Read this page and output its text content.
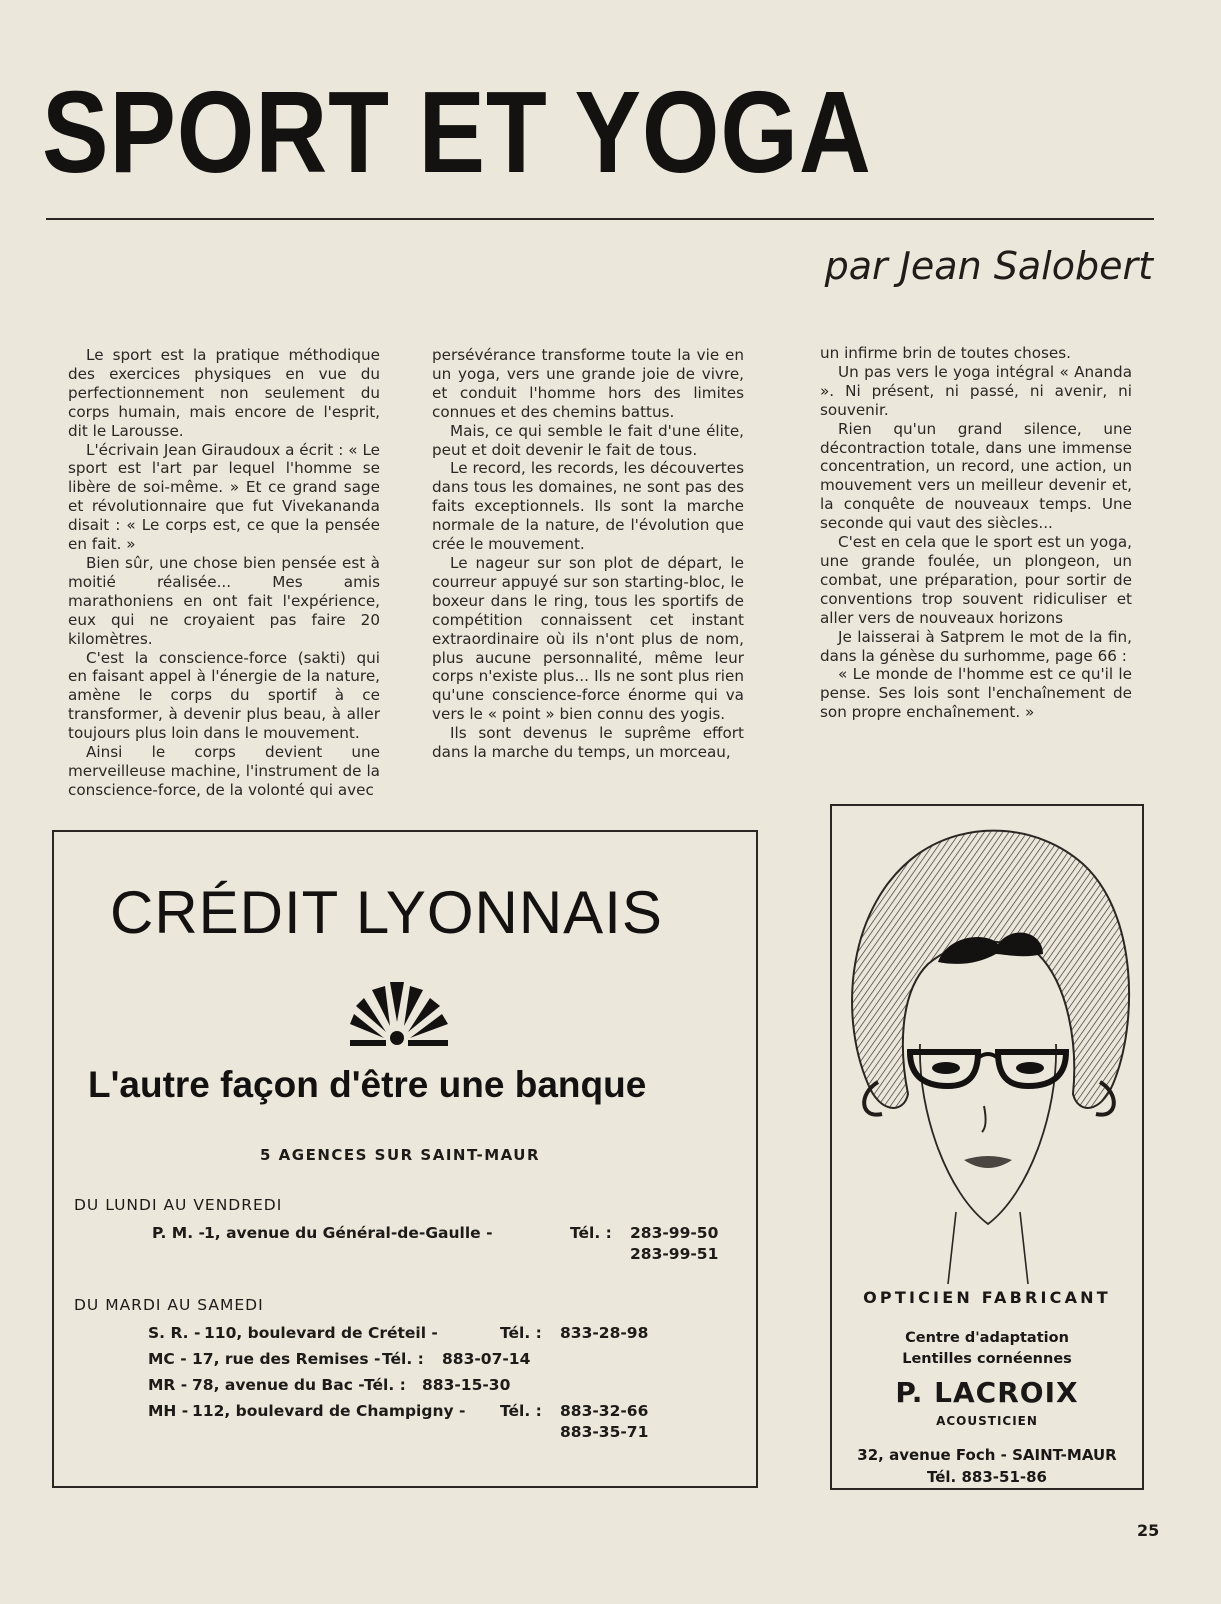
SPORT ET YOGA
par Jean Salobert

Le sport est la pratique méthodique des exercices physiques en vue du perfectionnement non seulement du corps humain, mais encore de l'esprit, dit le Larousse.

L'écrivain Jean Giraudoux a écrit : « Le sport est l'art par lequel l'homme se libère de soi-même. » Et ce grand sage et révolutionnaire que fut Vivekananda disait : « Le corps est, ce que la pensée en fait. »

Bien sûr, une chose bien pensée est à moitié réalisée... Mes amis marathoniens en ont fait l'expérience, eux qui ne croyaient pas faire 20 kilomètres.

C'est la conscience-force (sakti) qui en faisant appel à l'énergie de la nature, amène le corps du sportif à ce transformer, à devenir plus beau, à aller toujours plus loin dans le mouvement.

Ainsi le corps devient une merveilleuse machine, l'instrument de la conscience-force, de la volonté qui avec

persévérance transforme toute la vie en un yoga, vers une grande joie de vivre, et conduit l'homme hors des limites connues et des chemins battus.

Mais, ce qui semble le fait d'une élite, peut et doit devenir le fait de tous.

Le record, les records, les découvertes dans tous les domaines, ne sont pas des faits exceptionnels. Ils sont la marche normale de la nature, de l'évolution que crée le mouvement.

Le nageur sur son plot de départ, le courreur appuyé sur son starting-bloc, le boxeur dans le ring, tous les sportifs de compétition connaissent cet instant extraordinaire où ils n'ont plus de nom, plus aucune personnalité, même leur corps n'existe plus... Ils ne sont plus rien qu'une conscience-force énorme qui va vers le « point » bien connu des yogis.

Ils sont devenus le suprême effort dans la marche du temps, un morceau,

un infirme brin de toutes choses.

Un pas vers le yoga intégral « Ananda ». Ni présent, ni passé, ni avenir, ni souvenir.

Rien qu'un grand silence, une décontraction totale, dans une immense concentration, un record, une action, un mouvement vers un meilleur devenir et, la conquête de nouveaux temps. Une seconde qui vaut des siècles...

C'est en cela que le sport est un yoga, une grande foulée, un plongeon, un combat, une préparation, pour sortir de conventions trop souvent ridiculiser et aller vers de nouveaux horizons

Je laisserai à Satprem le mot de la fin, dans la génèse du surhomme, page 66 :

« Le monde de l'homme est ce qu'il le pense. Ses lois sont l'enchaînement de son propre enchaînement. »

CRÉDIT LYONNAIS
L'autre façon d'être une banque
5 AGENCES SUR SAINT-MAUR
DU LUNDI AU VENDREDI
P. M. - 1, avenue du Général-de-Gaulle -	Tél. : 283-99-50
283-99-51
DU MARDI AU SAMEDI
S. R. - 110, boulevard de Créteil -	Tél. : 833-28-98
MC - 17, rue des Remises - Tél. : 883-07-14
MR - 78, avenue du Bac - Tél. : 883-15-30
MH - 112, boulevard de Champigny - Tél. : 883-32-66
883-35-71
OPTICIEN FABRICANT
Centre d'adaptation
Lentilles cornéennes
P. LACROIX
ACOUSTICIEN
32, avenue Foch - SAINT-MAUR
Tél. 883-51-86
25
